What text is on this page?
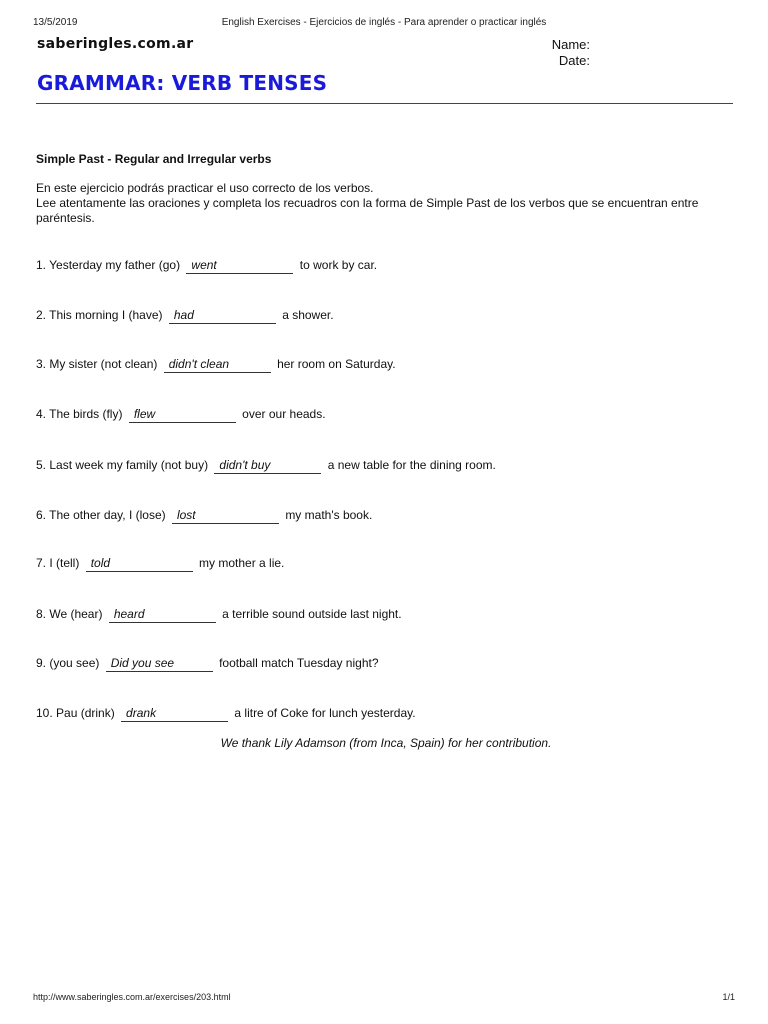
13/5/2019	English Exercises - Ejercicios de inglés - Para aprender o practicar inglés
saberingles.com.ar	Name:
Date:
GRAMMAR: VERB TENSES
Simple Past - Regular and Irregular verbs

En este ejercicio podrás practicar el uso correcto de los verbos.

Lee atentamente las oraciones y completa los recuadros con la forma de Simple Past de los verbos que se encuentran entre paréntesis.

1. Yesterday my father (go) went	to work by car.
2. This morning I (have) had	a shower.
3. My sister (not clean) didn't clean	her room on Saturday.
4. The birds (fly) flew	over our heads.
5. Last week my family (not buy) didn't buy	a new table for the dining room.
6. The other day, I (lose) lost	my math's book.
7. I (tell) told	my mother a lie.
8. We (hear) heard	a terrible sound outside last night.
9. (you see) Did you see	football match Tuesday night?
10. Pau (drink) drank	a litre of Coke for lunch yesterday.
We thank Lily Adamson (from Inca, Spain) for her contribution.
http://www.saberingles.com.ar/exercises/203.html	1/1
